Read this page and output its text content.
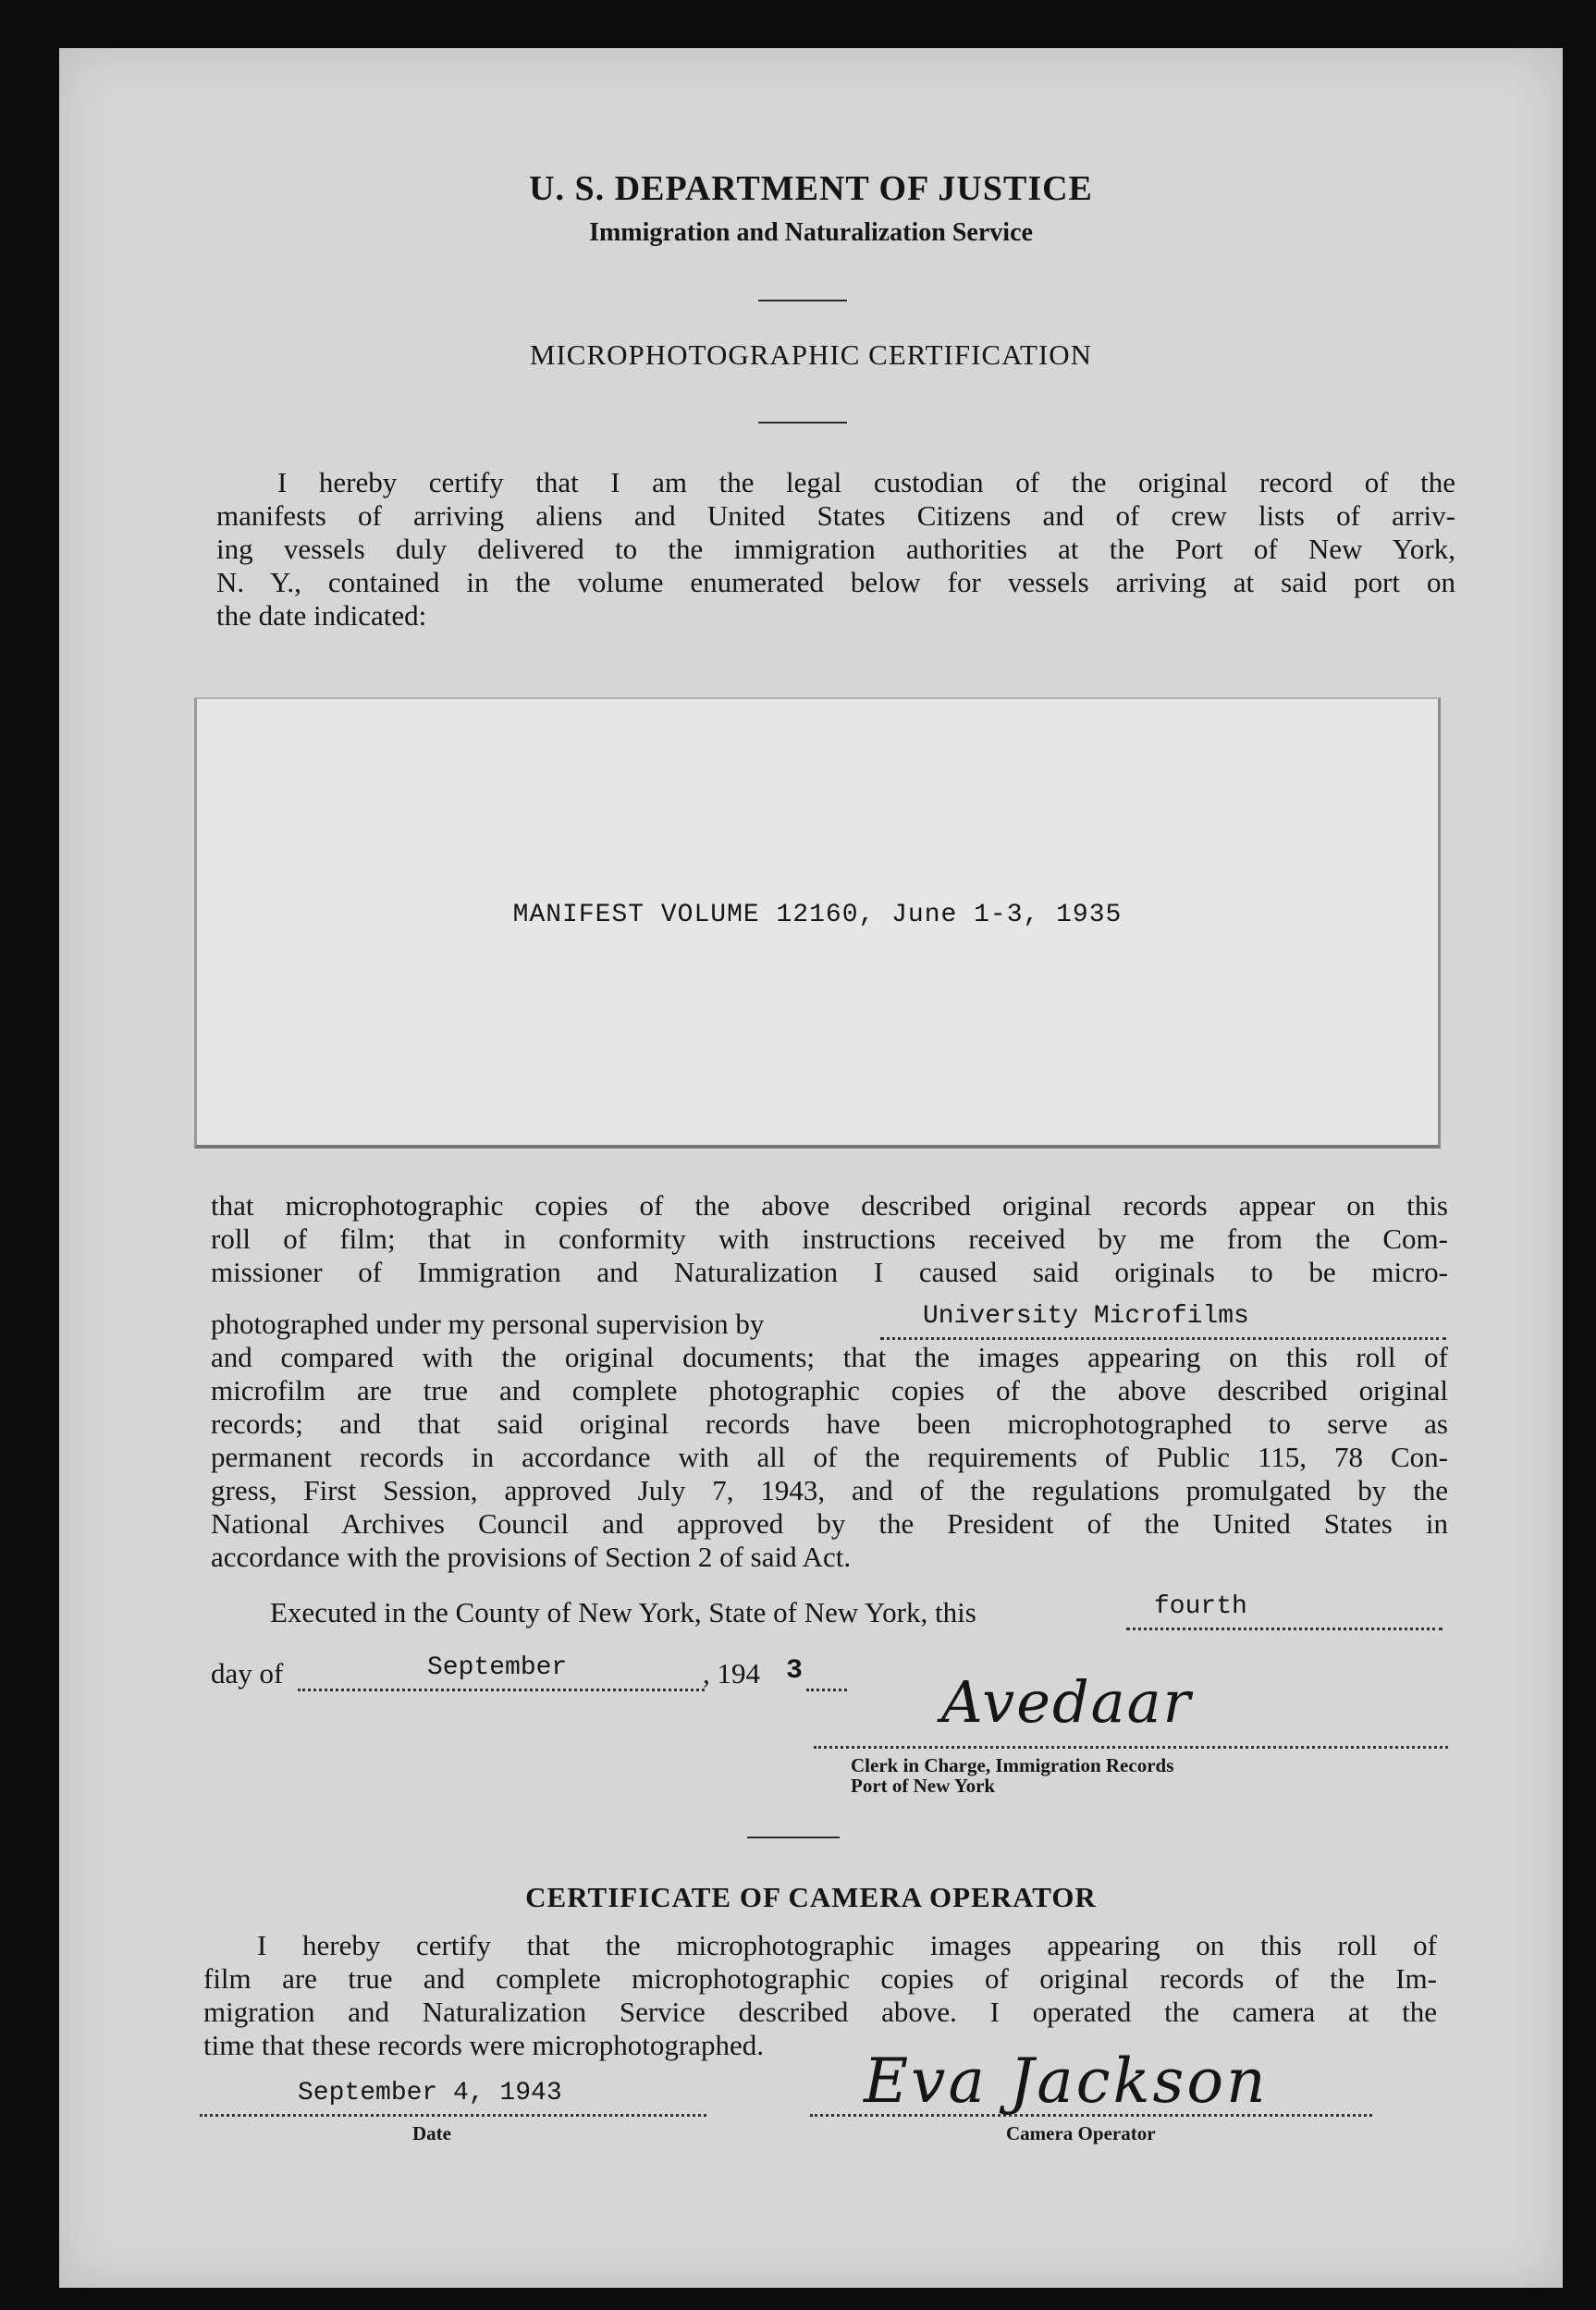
U. S. DEPARTMENT OF JUSTICE
Immigration and Naturalization Service
MICROPHOTOGRAPHIC CERTIFICATION
I hereby certify that I am the legal custodian of the original record of the
manifests of arriving aliens and United States Citizens and of crew lists of arriv-
ing vessels duly delivered to the immigration authorities at the Port of New York,
N. Y., contained in the volume enumerated below for vessels arriving at said port on
the date indicated:
MANIFEST VOLUME 12160, June 1-3, 1935
that microphotographic copies of the above described original records appear on this
roll of film; that in conformity with instructions received by me from the Com-
missioner of Immigration and Naturalization I caused said originals to be micro-
photographed under my personal supervision by	University Microfilms
and compared with the original documents; that the images appearing on this roll of
microfilm are true and complete photographic copies of the above described original
records; and that said original records have been microphotographed to serve as
permanent records in accordance with all of the requirements of Public 115, 78 Con-
gress, First Session, approved July 7, 1943, and of the regulations promulgated by the
National Archives Council and approved by the President of the United States in
accordance with the provisions of Section 2 of said Act.
Executed in the County of New York, State of New York, this	fourth
day of	September	, 194 3 Avedaar
Clerk in Charge, Immigration Records
Port of New York
CERTIFICATE OF CAMERA OPERATOR
I hereby certify that the microphotographic images appearing on this roll of
film are true and complete microphotographic copies of original records of the Im-
migration and Naturalization Service described above. I operated the camera at the
time that these records were microphotographed.
September 4, 1943
Date
Eva Jackson
Camera Operator
